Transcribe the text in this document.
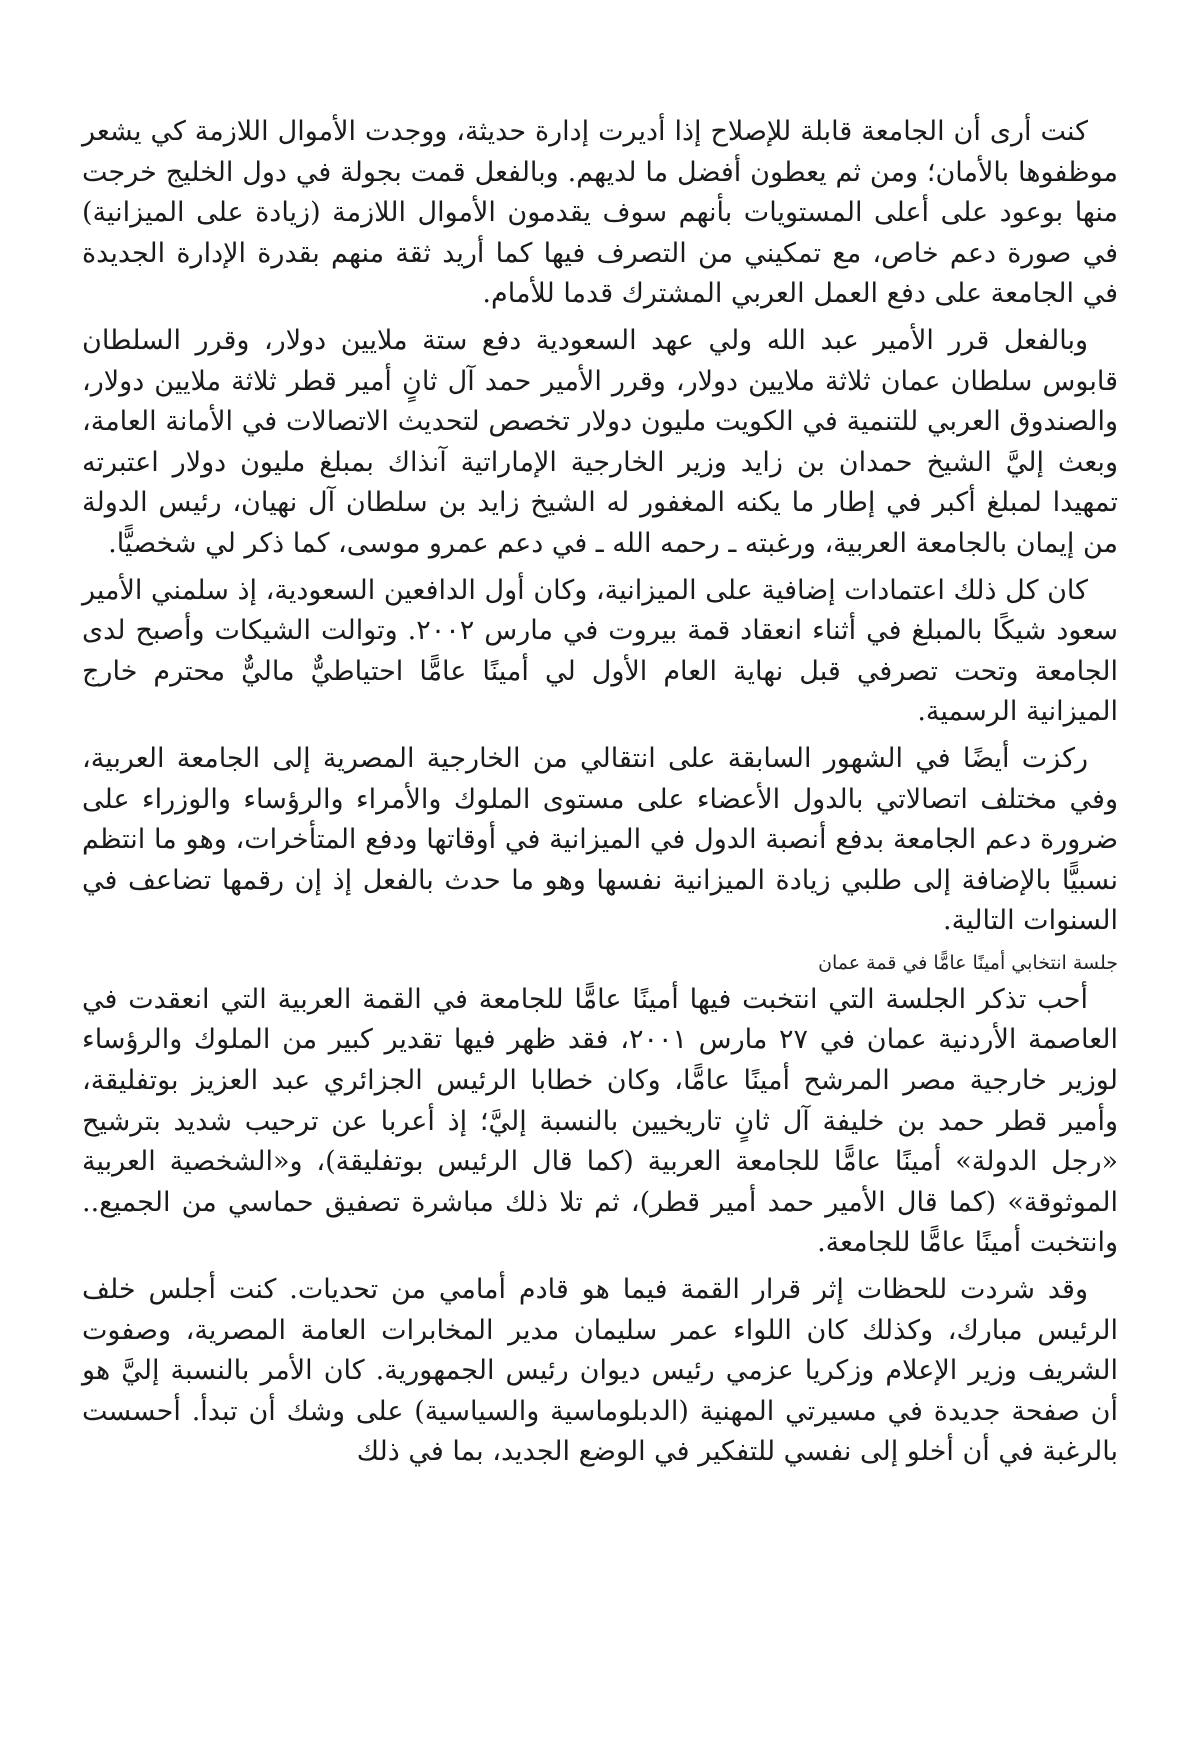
كنت أرى أن الجامعة قابلة للإصلاح إذا أديرت إدارة حديثة، ووجدت الأموال اللازمة كي يشعر موظفوها بالأمان؛ ومن ثم يعطون أفضل ما لديهم. وبالفعل قمت بجولة في دول الخليج خرجت منها بوعود على أعلى المستويات بأنهم سوف يقدمون الأموال اللازمة (زيادة على الميزانية) في صورة دعم خاص، مع تمكيني من التصرف فيها كما أريد ثقة منهم بقدرة الإدارة الجديدة في الجامعة على دفع العمل العربي المشترك قدما للأمام.

وبالفعل قرر الأمير عبد الله ولي عهد السعودية دفع ستة ملايين دولار، وقرر السلطان قابوس سلطان عمان ثلاثة ملايين دولار، وقرر الأمير حمد آل ثانٍ أمير قطر ثلاثة ملايين دولار، والصندوق العربي للتنمية في الكويت مليون دولار تخصص لتحديث الاتصالات في الأمانة العامة، وبعث إليَّ الشيخ حمدان بن زايد وزير الخارجية الإماراتية آنذاك بمبلغ مليون دولار اعتبرته تمهيدا لمبلغ أكبر في إطار ما يكنه المغفور له الشيخ زايد بن سلطان آل نهيان، رئيس الدولة من إيمان بالجامعة العربية، ورغبته ـ رحمه الله ـ في دعم عمرو موسى، كما ذكر لي شخصيًّا.

كان كل ذلك اعتمادات إضافية على الميزانية، وكان أول الدافعين السعودية، إذ سلمني الأمير سعود شيكًا بالمبلغ في أثناء انعقاد قمة بيروت في مارس ٢٠٠٢. وتوالت الشيكات وأصبح لدى الجامعة وتحت تصرفي قبل نهاية العام الأول لي أمينًا عامًّا احتياطيٌّ ماليٌّ محترم خارج الميزانية الرسمية.

ركزت أيضًا في الشهور السابقة على انتقالي من الخارجية المصرية إلى الجامعة العربية، وفي مختلف اتصالاتي بالدول الأعضاء على مستوى الملوك والأمراء والرؤساء والوزراء على ضرورة دعم الجامعة بدفع أنصبة الدول في الميزانية في أوقاتها ودفع المتأخرات، وهو ما انتظم نسبيًّا بالإضافة إلى طلبي زيادة الميزانية نفسها وهو ما حدث بالفعل إذ إن رقمها تضاعف في السنوات التالية.

جلسة انتخابي أمينًا عامًّا في قمة عمان

أحب تذكر الجلسة التي انتخبت فيها أمينًا عامًّا للجامعة في القمة العربية التي انعقدت في العاصمة الأردنية عمان في ٢٧ مارس ٢٠٠١، فقد ظهر فيها تقدير كبير من الملوك والرؤساء لوزير خارجية مصر المرشح أمينًا عامًّا، وكان خطابا الرئيس الجزائري عبد العزيز بوتفليقة، وأمير قطر حمد بن خليفة آل ثانٍ تاريخيين بالنسبة إليَّ؛ إذ أعربا عن ترحيب شديد بترشيح «رجل الدولة» أمينًا عامًّا للجامعة العربية (كما قال الرئيس بوتفليقة)، و«الشخصية العربية الموثوقة» (كما قال الأمير حمد أمير قطر)، ثم تلا ذلك مباشرة تصفيق حماسي من الجميع.. وانتخبت أمينًا عامًّا للجامعة.

وقد شردت للحظات إثر قرار القمة فيما هو قادم أمامي من تحديات. كنت أجلس خلف الرئيس مبارك، وكذلك كان اللواء عمر سليمان مدير المخابرات العامة المصرية، وصفوت الشريف وزير الإعلام وزكريا عزمي رئيس ديوان رئيس الجمهورية. كان الأمر بالنسبة إليَّ هو أن صفحة جديدة في مسيرتي المهنية (الدبلوماسية والسياسية) على وشك أن تبدأ. أحسست بالرغبة في أن أخلو إلى نفسي للتفكير في الوضع الجديد، بما في ذلك
